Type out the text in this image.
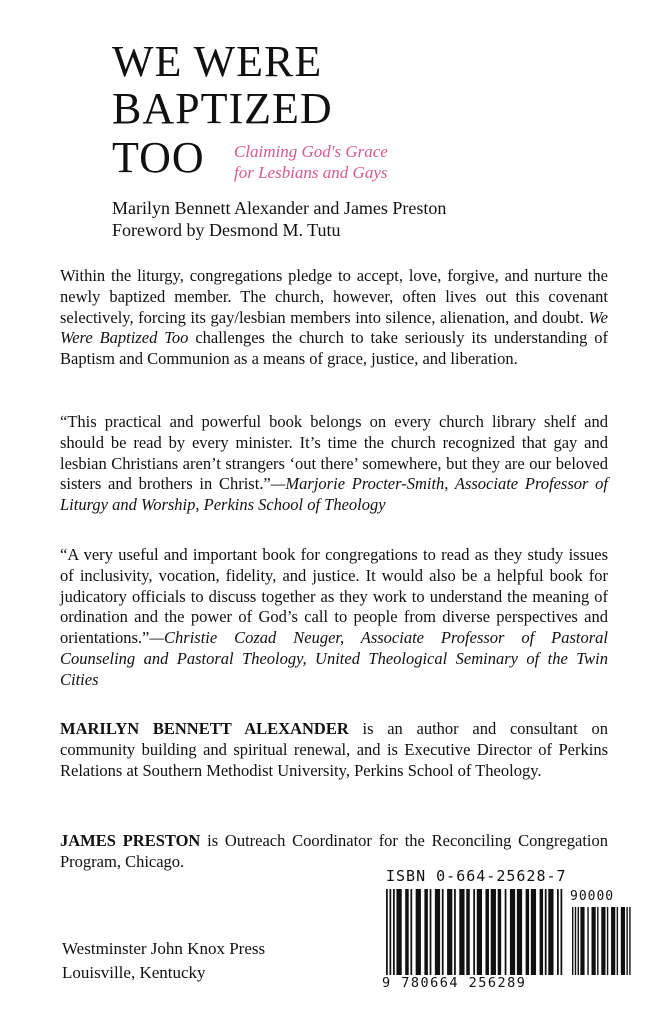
WE WERE
BAPTIZED
TOO Claiming God's Grace
for Lesbians and Gays
Marilyn Bennett Alexander and James Preston
Foreword by Desmond M. Tutu

Within the liturgy, congregations pledge to accept, love, forgive, and nurture the newly baptized member. The church, however, often lives out this covenant selectively, forcing its gay/lesbian members into silence, alienation, and doubt. We Were Baptized Too challenges the church to take seriously its understanding of Baptism and Communion as a means of grace, justice, and liberation.

“This practical and powerful book belongs on every church library shelf and should be read by every minister. It’s time the church recognized that gay and lesbian Christians aren’t strangers ‘out there’ somewhere, but they are our beloved sisters and brothers in Christ.”—Marjorie Procter-Smith, Associate Professor of Liturgy and Worship, Perkins School of Theology

“A very useful and important book for congregations to read as they study issues of inclusivity, vocation, fidelity, and justice. It would also be a helpful book for judicatory officials to discuss together as they work to understand the meaning of ordination and the power of God’s call to people from diverse perspectives and orientations.”—Christie Cozad Neuger, Associate Professor of Pastoral Counseling and Pastoral Theology, United Theological Seminary of the Twin Cities

MARILYN BENNETT ALEXANDER is an author and consultant on community building and spiritual renewal, and is Executive Director of Perkins Relations at Southern Methodist University, Perkins School of Theology.

JAMES PRESTON is Outreach Coordinator for the Reconciling Congregation Program, Chicago.

ISBN 0-664-25628-7
90000
9 780664 256289
Westminster John Knox Press
Louisville, Kentucky
